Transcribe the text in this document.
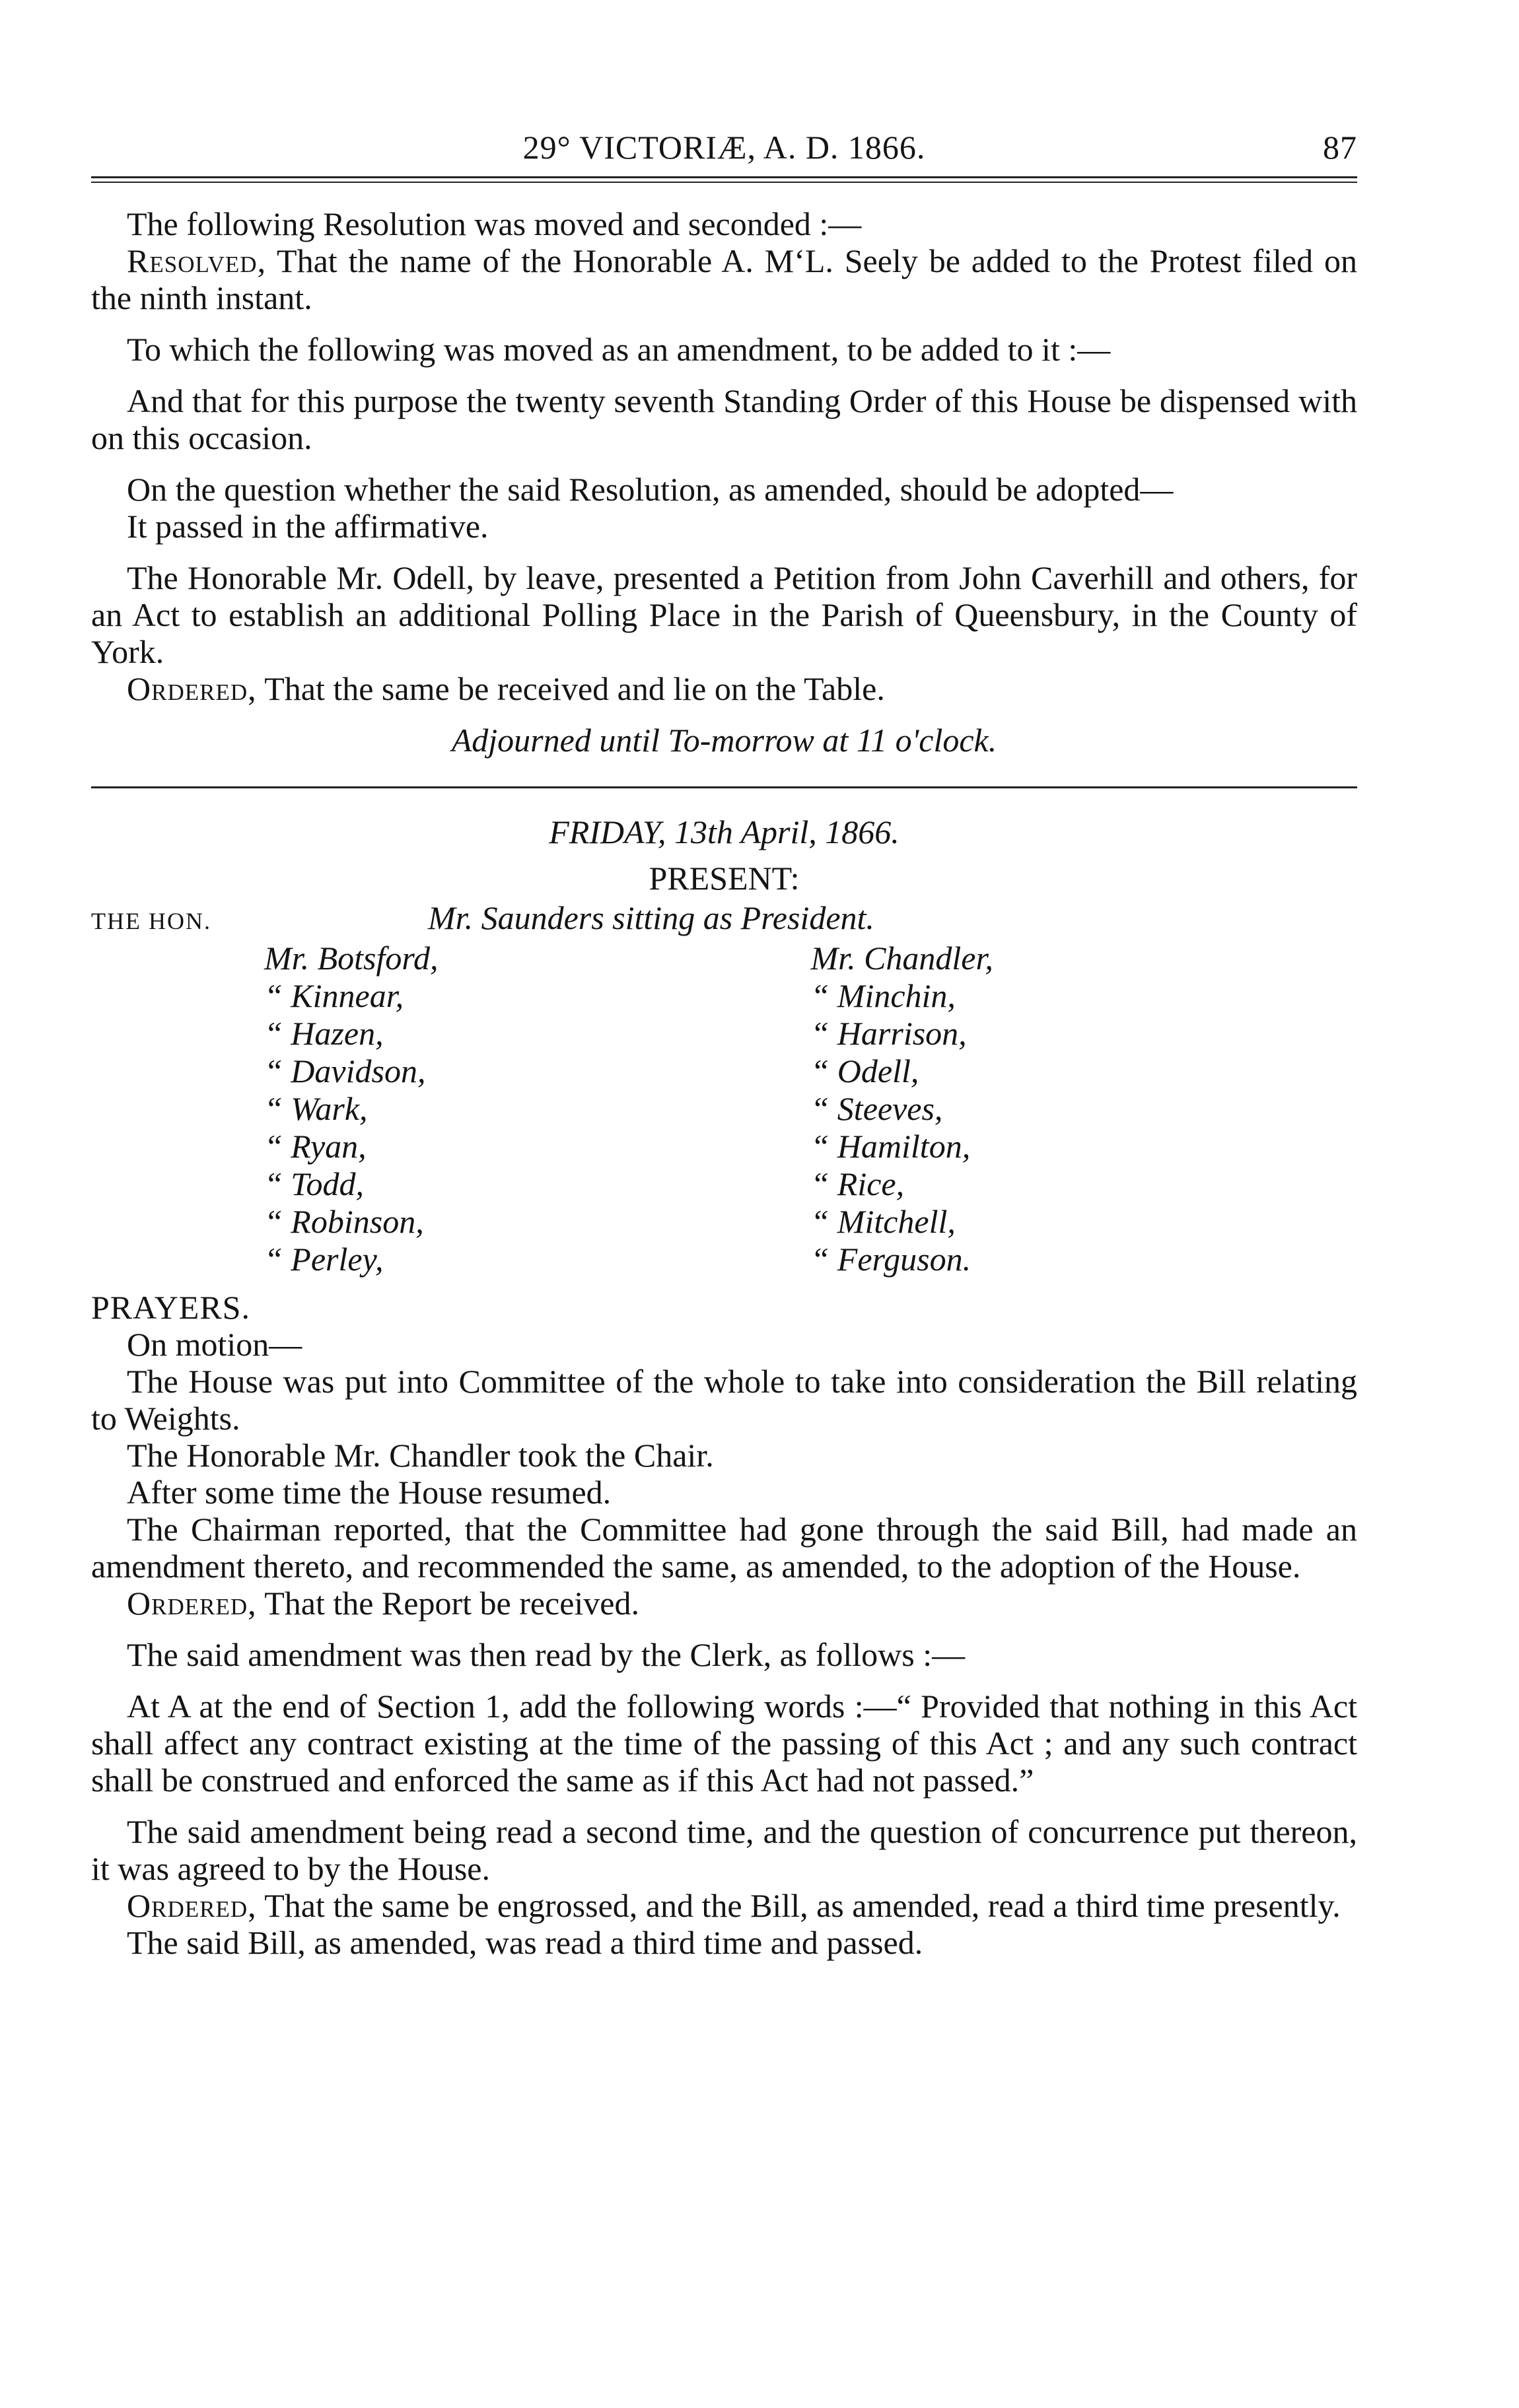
29° VICTORIÆ, A. D. 1866.	87

The following Resolution was moved and seconded :—

Resolved, That the name of the Honorable A. M‘L. Seely be added to the Protest filed on the ninth instant.

To which the following was moved as an amendment, to be added to it :—

And that for this purpose the twenty seventh Standing Order of this House be dispensed with on this occasion.

On the question whether the said Resolution, as amended, should be adopted—

It passed in the affirmative.

The Honorable Mr. Odell, by leave, presented a Petition from John Caverhill and others, for an Act to establish an additional Polling Place in the Parish of Queensbury, in the County of York.

Ordered, That the same be received and lie on the Table.

Adjourned until To-morrow at 11 o'clock.

FRIDAY, 13th April, 1866.

PRESENT:

THE HON.	Mr. Saunders sitting as President.
Mr. Botsford,
“ Kinnear,
“ Hazen,
“ Davidson,
“ Wark,
“ Ryan,
“ Todd,
“ Robinson,
“ Perley,
Mr. Chandler,
“ Minchin,
“ Harrison,
“ Odell,
“ Steeves,
“ Hamilton,
“ Rice,
“ Mitchell,
“ Ferguson.

PRAYERS.

On motion—

The House was put into Committee of the whole to take into consideration the Bill relating to Weights.

The Honorable Mr. Chandler took the Chair.

After some time the House resumed.

The Chairman reported, that the Committee had gone through the said Bill, had made an amendment thereto, and recommended the same, as amended, to the adoption of the House.

Ordered, That the Report be received.

The said amendment was then read by the Clerk, as follows :—

At A at the end of Section 1, add the following words :—“ Provided that nothing in this Act shall affect any contract existing at the time of the passing of this Act ; and any such contract shall be construed and enforced the same as if this Act had not passed.”

The said amendment being read a second time, and the question of concurrence put thereon, it was agreed to by the House.

Ordered, That the same be engrossed, and the Bill, as amended, read a third time presently.

The said Bill, as amended, was read a third time and passed.
